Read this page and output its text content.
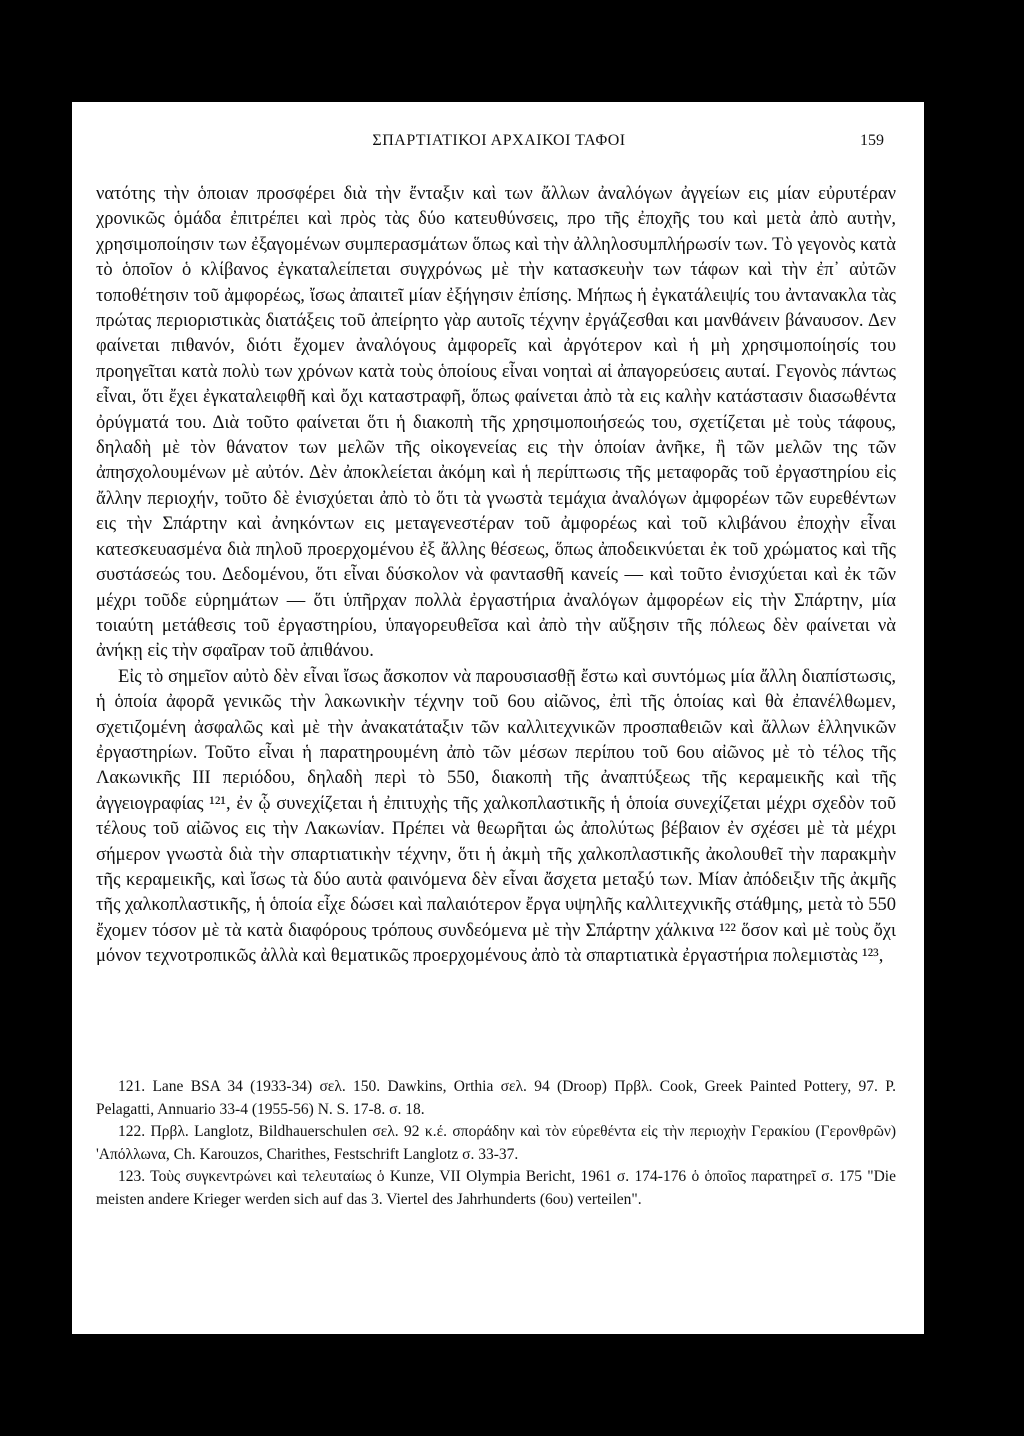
ΣΠΑΡΤΙΑΤΙΚΟΙ ΑΡΧΑΙΚΟΙ ΤΑΦΟΙ	159

νατότης τὴν ὁποιαν προσφέρει διὰ τὴν ἔνταξιν καὶ των ἄλλων ἀναλόγων ἀγγείων εις μίαν εὐρυτέραν χρονικῶς ὁμάδα ἐπιτρέπει καὶ πρὸς τὰς δύο κατευθύνσεις, προ τῆς ἐποχῆς του καὶ μετὰ ἀπὸ αυτὴν, χρησιμοποίησιν των ἐξαγομένων συμπερασμάτων ὅπως καὶ τὴν ἀλληλοσυμπλήρωσίν των. Τὸ γεγονὸς κατὰ τὸ ὁποῖον ὁ κλίβανος ἐγκαταλείπεται συγχρόνως μὲ τὴν κατασκευὴν των τάφων καὶ τὴν ἐπ᾽ αὐτῶν τοποθέτησιν τοῦ ἀμφορέως, ἴσως ἀπαιτεῖ μίαν ἐξήγησιν ἐπίσης. Μήπως ἡ ἐγκατάλειψίς του ἀντανακλα τὰς πρώτας περιοριστικὰς διατάξεις τοῦ ἀπείρητο γὰρ αυτοῖς τέχνην ἐργάζεσθαι και μανθάνειν βάναυσον. Δεν φαίνεται πιθανόν, διότι ἔχομεν ἀναλόγους ἀμφορεῖς καὶ ἀργότερον καὶ ἡ μὴ χρησιμοποίησίς του προηγεῖται κατὰ πολὺ των χρόνων κατὰ τοὺς ὁποίους εἶναι νοηταὶ αἱ ἀπαγορεύσεις αυταί. Γεγονὸς πάντως εἶναι, ὅτι ἔχει ἐγκαταλειφθῆ καὶ ὄχι καταστραφῆ, ὅπως φαίνεται ἀπὸ τὰ εις καλὴν κατάστασιν διασωθέντα ὀρύγματά του. Διὰ τοῦτο φαίνεται ὅτι ἡ διακοπὴ τῆς χρησιμοποιήσεώς του, σχετίζεται μὲ τοὺς τάφους, δηλαδὴ μὲ τὸν θάνατον των μελῶν τῆς οἰκογενείας εις τὴν ὁποίαν ἀνῆκε, ἢ τῶν μελῶν της τῶν ἀπησχολουμένων μὲ αὐτόν. Δὲν ἀποκλείεται ἀκόμη καὶ ἡ περίπτωσις τῆς μεταφορᾶς τοῦ ἐργαστηρίου εἰς ἄλλην περιοχήν, τοῦτο δὲ ἐνισχύεται ἀπὸ τὸ ὅτι τὰ γνωστὰ τεμάχια ἀναλόγων ἀμφορέων τῶν ευρεθέντων εις τὴν Σπάρτην καὶ ἀνηκόντων εις μεταγενεστέραν τοῦ ἀμφορέως καὶ τοῦ κλιβάνου ἐποχὴν εἶναι κατεσκευασμένα διὰ πηλοῦ προερχομένου ἐξ ἄλλης θέσεως, ὅπως ἀποδεικνύεται ἐκ τοῦ χρώματος καὶ τῆς συστάσεώς του. Δεδομένου, ὅτι εἶναι δύσκολον νὰ φαντασθῆ κανείς — καὶ τοῦτο ἐνισχύεται καὶ ἐκ τῶν μέχρι τοῦδε εὑρημάτων — ὅτι ὑπῆρχαν πολλὰ ἐργαστήρια ἀναλόγων ἀμφορέων εἰς τὴν Σπάρτην, μία τοιαύτη μετάθεσις τοῦ ἐργαστηρίου, ὑπαγορευθεῖσα καὶ ἀπὸ τὴν αὔξησιν τῆς πόλεως δὲν φαίνεται νὰ ἀνήκῃ εἰς τὴν σφαῖραν τοῦ ἀπιθάνου.

Εἰς τὸ σημεῖον αὐτὸ δὲν εἶναι ἴσως ἄσκοπον νὰ παρουσιασθῇ ἔστω καὶ συντόμως μία ἄλλη διαπίστωσις, ἡ ὁποία ἀφορᾶ γενικῶς τὴν λακωνικὴν τέχνην τοῦ 6ου αἰῶνος, ἐπὶ τῆς ὁποίας καὶ θὰ ἐπανέλθωμεν, σχετιζομένη ἀσφαλῶς καὶ μὲ τὴν ἀνακατάταξιν τῶν καλλιτεχνικῶν προσπαθειῶν καὶ ἄλλων ἑλληνικῶν ἐργαστηρίων. Τοῦτο εἶναι ἡ παρατηρουμένη ἀπὸ τῶν μέσων περίπου τοῦ 6ου αἰῶνος μὲ τὸ τέλος τῆς Λακωνικῆς III περιόδου, δηλαδὴ περὶ τὸ 550, διακοπὴ τῆς ἀναπτύξεως τῆς κεραμεικῆς καὶ τῆς ἀγγειογραφίας ¹²¹, ἐν ᾧ συνεχίζεται ἡ ἐπιτυχὴς τῆς χαλκοπλαστικῆς ἡ ὁποία συνεχίζεται μέχρι σχεδὸν τοῦ τέλους τοῦ αἰῶνος εις τὴν Λακωνίαν. Πρέπει νὰ θεωρῆται ὡς ἀπολύτως βέβαιον ἐν σχέσει μὲ τὰ μέχρι σήμερον γνωστὰ διὰ τὴν σπαρτιατικὴν τέχνην, ὅτι ἡ ἀκμὴ τῆς χαλκοπλαστικῆς ἀκολουθεῖ τὴν παρακμὴν τῆς κεραμεικῆς, καὶ ἴσως τὰ δύο αυτὰ φαινόμενα δὲν εἶναι ἄσχετα μεταξύ των. Μίαν ἀπόδειξιν τῆς ἀκμῆς τῆς χαλκοπλαστικῆς, ἡ ὁποία εἶχε δώσει καὶ παλαιότερον ἔργα υψηλῆς καλλιτεχνικῆς στάθμης, μετὰ τὸ 550 ἔχομεν τόσον μὲ τὰ κατὰ διαφόρους τρόπους συνδεόμενα μὲ τὴν Σπάρτην χάλκινα ¹²² ὅσον καὶ μὲ τοὺς ὄχι μόνον τεχνοτροπικῶς ἀλλὰ καὶ θεματικῶς προερχομένους ἀπὸ τὰ σπαρτιατικὰ ἐργαστήρια πολεμιστὰς ¹²³,

121. Lane BSA 34 (1933-34) σελ. 150. Dawkins, Orthia σελ. 94 (Droop) Πρβλ. Cook, Greek Painted Pottery, 97. P. Pelagatti, Annuario 33-4 (1955-56) N. S. 17-8. σ. 18.

122. Πρβλ. Langlotz, Bildhauerschulen σελ. 92 κ.έ. σποράδην καὶ τὸν εὑρεθέντα εἰς τὴν περιοχὴν Γερακίου (Γερονθρῶν) 'Απόλλωνα, Ch. Karouzos, Charithes, Festschrift Langlotz σ. 33-37.

123. Τοὺς συγκεντρώνει καὶ τελευταίως ὁ Kunze, VII Olympia Bericht, 1961 σ. 174-176 ὁ ὁποῖος παρατηρεῖ σ. 175 "Die meisten andere Krieger werden sich auf das 3. Viertel des Jahrhunderts (6ου) verteilen".
